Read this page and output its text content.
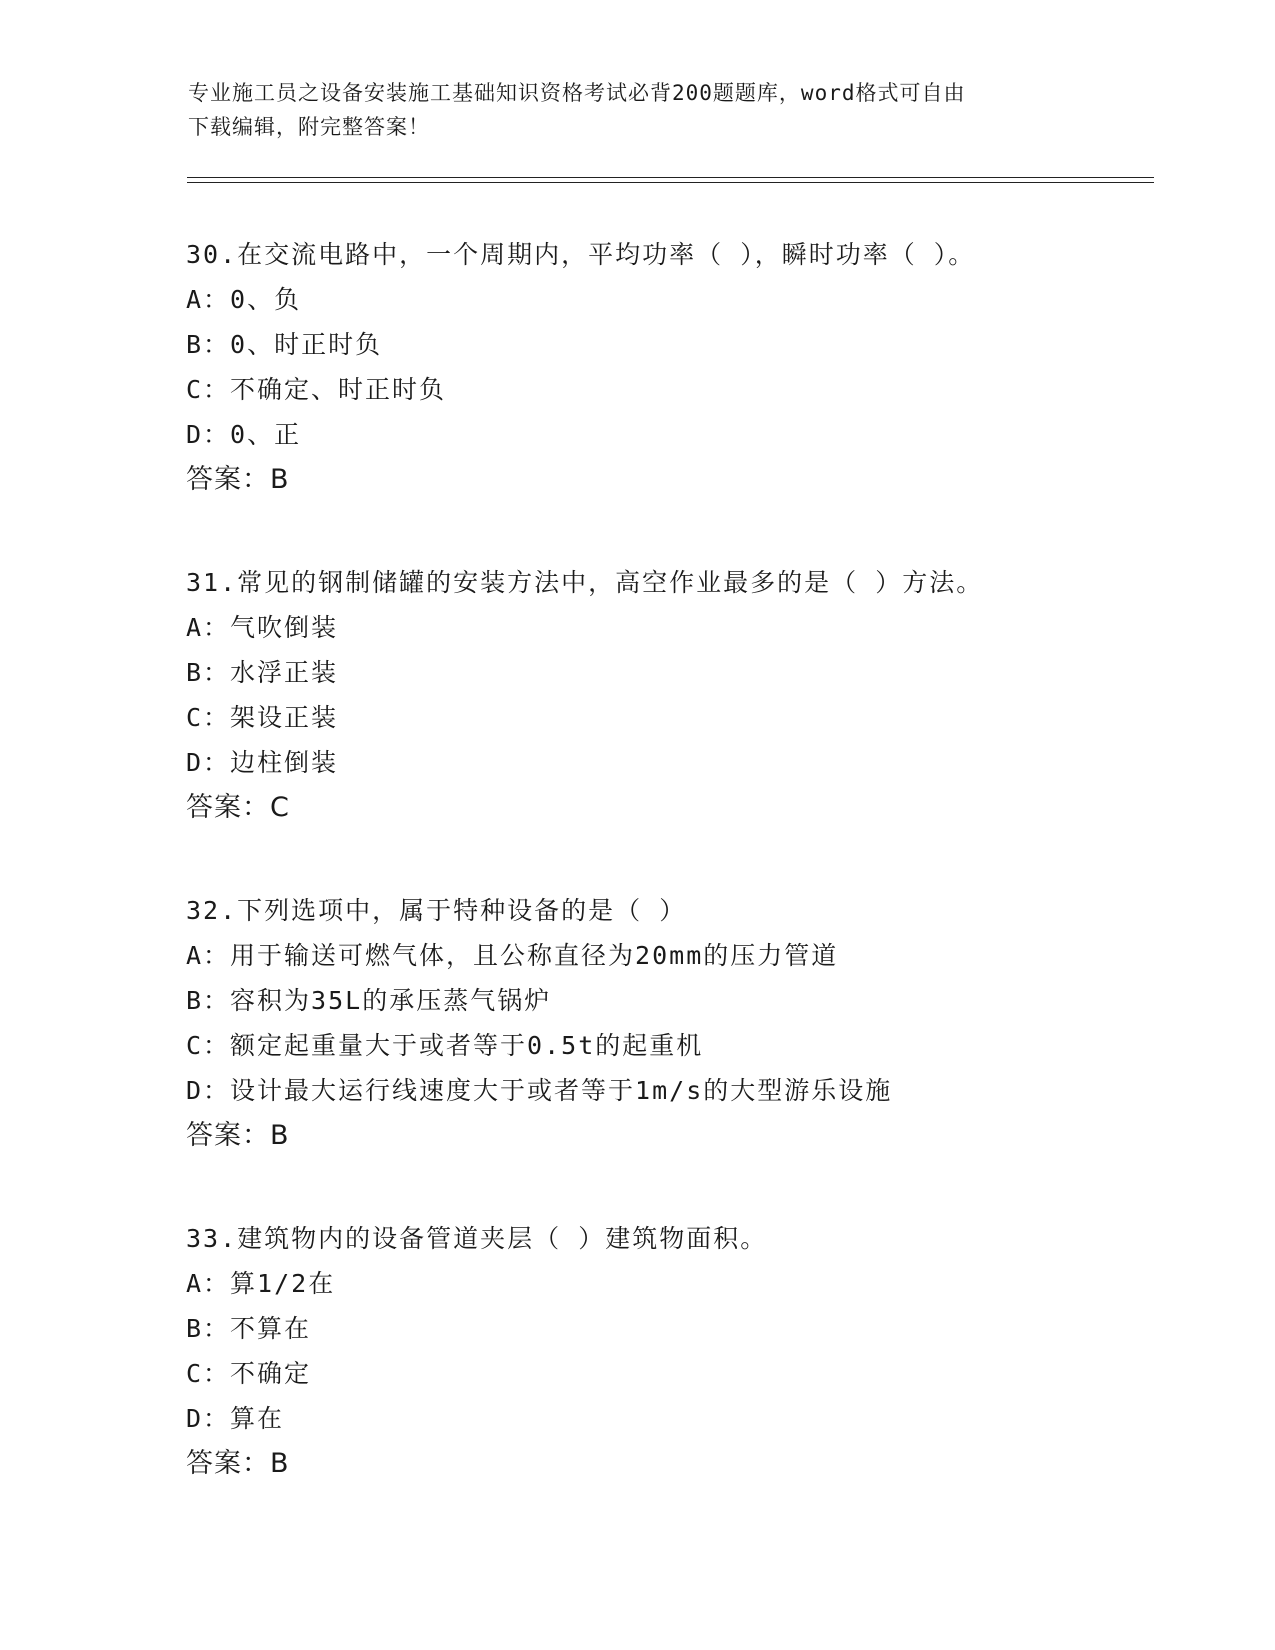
专业施工员之设备安装施工基础知识资格考试必背200题题库，word格式可自由
下载编辑，附完整答案！
30.在交流电路中，一个周期内，平均功率（ ），瞬时功率（ ）。
A：0、负
B：0、时正时负
C：不确定、时正时负
D：0、正
答案：B
31.常见的钢制储罐的安装方法中，高空作业最多的是（ ）方法。
A：气吹倒装
B：水浮正装
C：架设正装
D：边柱倒装
答案：C
32.下列选项中，属于特种设备的是（ ）
A：用于输送可燃气体，且公称直径为20mm的压力管道
B：容积为35L的承压蒸气锅炉
C：额定起重量大于或者等于0.5t的起重机
D：设计最大运行线速度大于或者等于1m/s的大型游乐设施
答案：B
33.建筑物内的设备管道夹层（ ）建筑物面积。
A：算1/2在
B：不算在
C：不确定
D：算在
答案：B
